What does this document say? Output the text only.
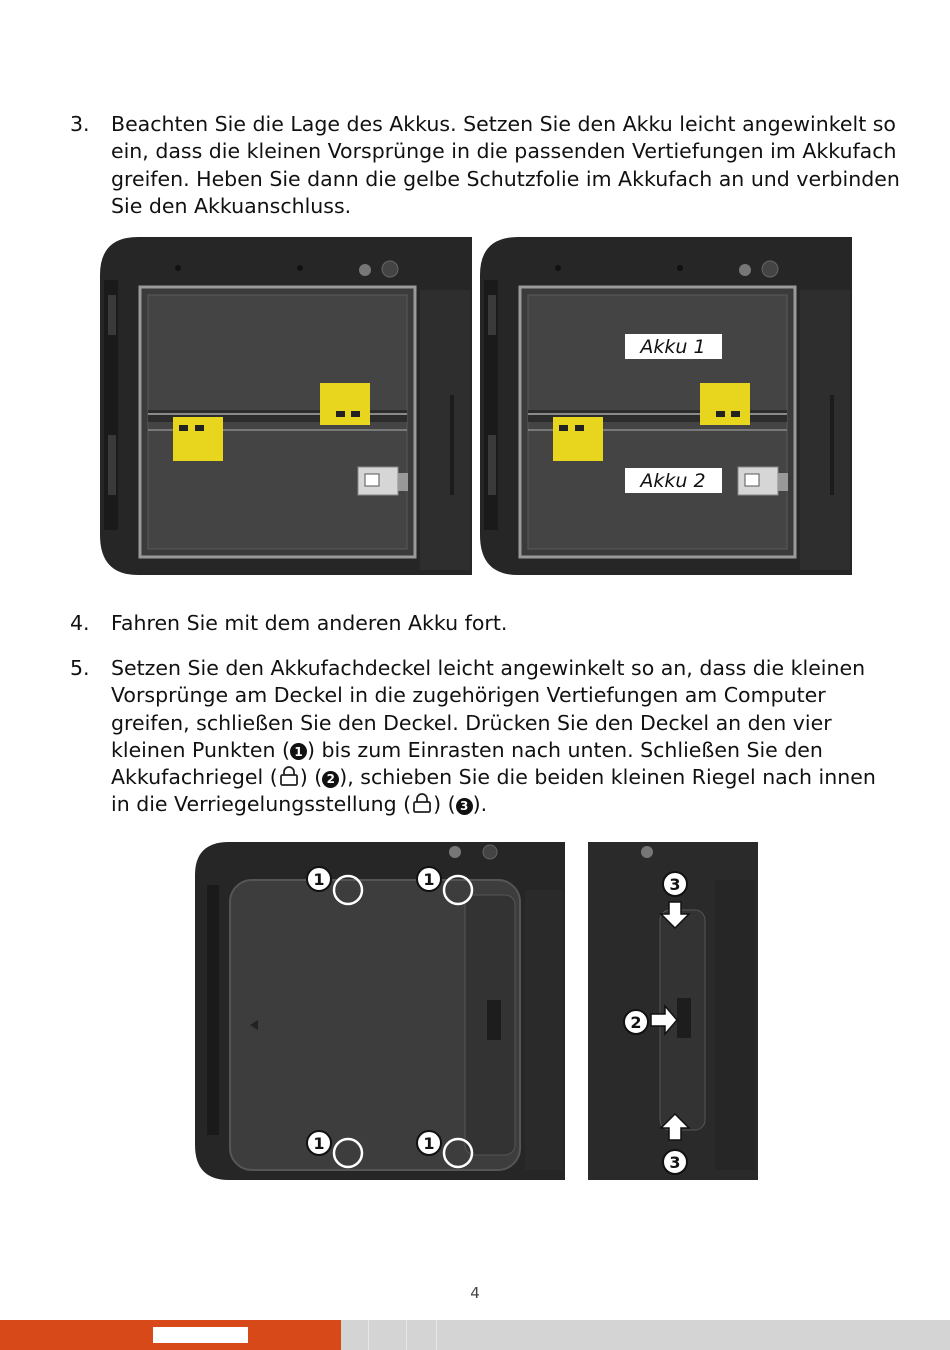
3. Beachten Sie die Lage des Akkus. Setzen Sie den Akku leicht angewinkelt so ein, dass die kleinen Vorsprünge in die passenden Vertiefungen im Akkufach greifen. Heben Sie dann die gelbe Schutzfolie im Akkufach an und verbinden Sie den Akkuanschluss.

Akku 1
Akku 2
4. Fahren Sie mit dem anderen Akku fort.

5. Setzen Sie den Akkufachdeckel leicht angewinkelt so an, dass die kleinen Vorsprünge am Deckel in die zugehörigen Vertiefungen am Computer greifen, schließen Sie den Deckel. Drücken Sie den Deckel an den vier kleinen Punkten ( 1 ) bis zum Einrasten nach unten. Schließen Sie den Akkufachriegel ( ) ( 2 ), schieben Sie die beiden kleinen Riegel nach innen in die Verriegelungsstellung ( ) ( 3 ).

1	1
1	1
3
2
3
4
